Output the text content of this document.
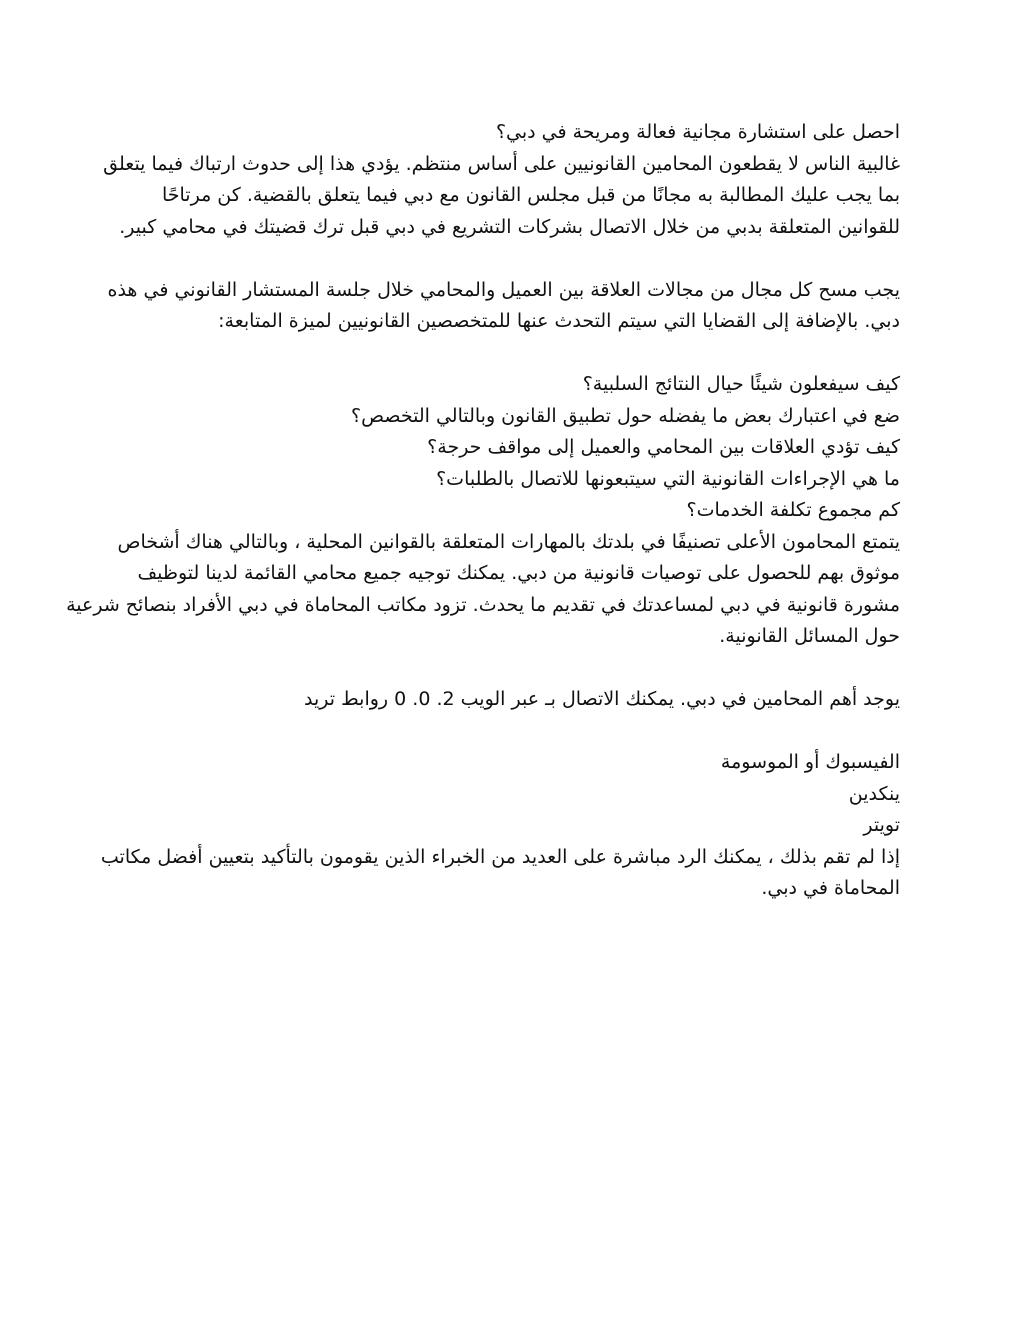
احصل على استشارة مجانية فعالة ومريحة في دبي؟
غالبية الناس لا يقطعون المحامين القانونيين على أساس منتظم. يؤدي هذا إلى حدوث ارتباك فيما يتعلق
بما يجب عليك المطالبة به مجانًا من قبل مجلس القانون مع دبي فيما يتعلق بالقضية. كن مرتاحًا
للقوانين المتعلقة بدبي من خلال الاتصال بشركات التشريع في دبي قبل ترك قضيتك في محامي كبير.
يجب مسح كل مجال من مجالات العلاقة بين العميل والمحامي خلال جلسة المستشار القانوني في هذه
دبي. بالإضافة إلى القضايا التي سيتم التحدث عنها للمتخصصين القانونيين لميزة المتابعة:
كيف سيفعلون شيئًا حيال النتائج السلبية؟
ضع في اعتبارك بعض ما يفضله حول تطبيق القانون وبالتالي التخصص؟
كيف تؤدي العلاقات بين المحامي والعميل إلى مواقف حرجة؟
ما هي الإجراءات القانونية التي سيتبعونها للاتصال بالطلبات؟
كم مجموع تكلفة الخدمات؟
يتمتع المحامون الأعلى تصنيفًا في بلدتك بالمهارات المتعلقة بالقوانين المحلية ، وبالتالي هناك أشخاص
موثوق بهم للحصول على توصيات قانونية من دبي. يمكنك توجيه جميع محامي القائمة لدينا لتوظيف
مشورة قانونية في دبي لمساعدتك في تقديم ما يحدث. تزود مكاتب المحاماة في دبي الأفراد بنصائح شرعية
حول المسائل القانونية.
يوجد أهم المحامين في دبي. يمكنك الاتصال بـ عبر الويب 2. 0. 0 روابط تريد
الفيسبوك أو الموسومة
ينكدين
تويتر
إذا لم تقم بذلك ، يمكنك الرد مباشرة على العديد من الخبراء الذين يقومون بالتأكيد بتعيين أفضل مكاتب
المحاماة في دبي.
